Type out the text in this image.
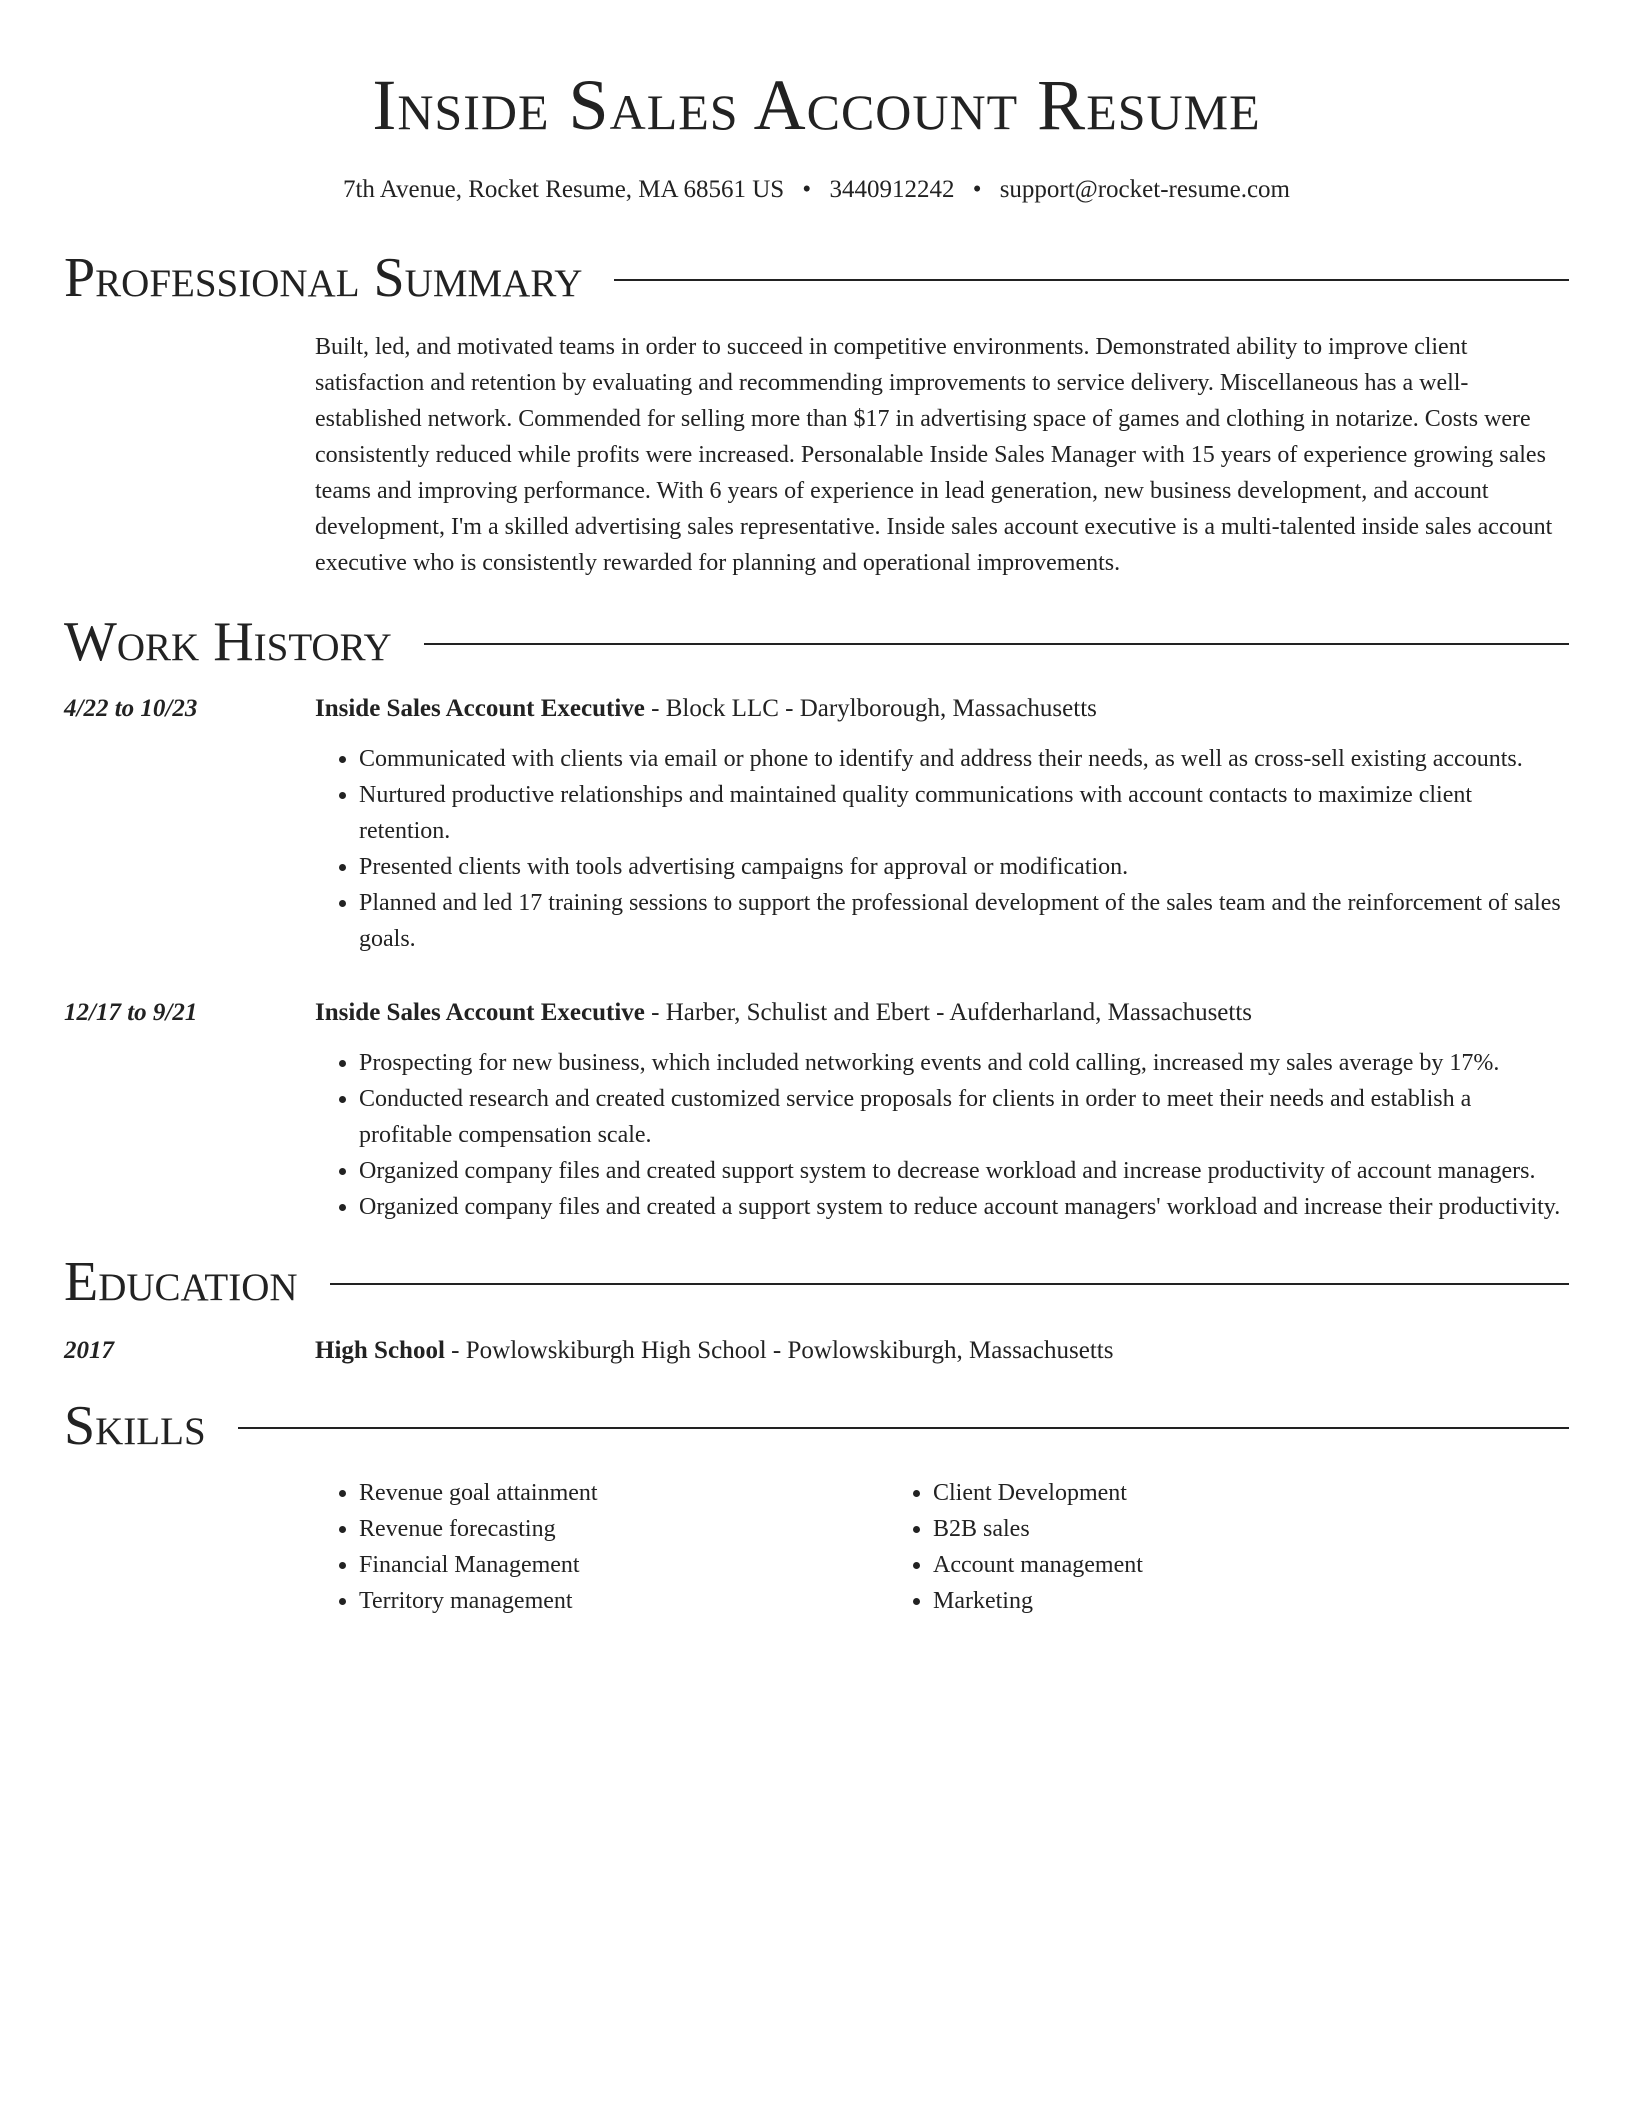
Inside Sales Account Resume
7th Avenue, Rocket Resume, MA 68561 US • 3440912242 • support@rocket-resume.com
Professional Summary

Built, led, and motivated teams in order to succeed in competitive environments. Demonstrated ability to improve client satisfaction and retention by evaluating and recommending improvements to service delivery. Miscellaneous has a well-established network. Commended for selling more than $17 in advertising space of games and clothing in notarize. Costs were consistently reduced while profits were increased. Personalable Inside Sales Manager with 15 years of experience growing sales teams and improving performance. With 6 years of experience in lead generation, new business development, and account development, I'm a skilled advertising sales representative. Inside sales account executive is a multi-talented inside sales account executive who is consistently rewarded for planning and operational improvements.

Work History
4/22 to 10/23	Inside Sales Account Executive - Block LLC - Darylborough, Massachusetts
• Communicated with clients via email or phone to identify and address their needs, as well as cross-sell existing accounts.
• Nurtured productive relationships and maintained quality communications with account contacts to maximize client retention.
• Presented clients with tools advertising campaigns for approval or modification.
• Planned and led 17 training sessions to support the professional development of the sales team and the reinforcement of sales goals.
12/17 to 9/21	Inside Sales Account Executive - Harber, Schulist and Ebert - Aufderharland, Massachusetts
• Prospecting for new business, which included networking events and cold calling, increased my sales average by 17%.
• Conducted research and created customized service proposals for clients in order to meet their needs and establish a profitable compensation scale.
• Organized company files and created support system to decrease workload and increase productivity of account managers.
• Organized company files and created a support system to reduce account managers' workload and increase their productivity.
Education
2017	High School - Powlowskiburgh High School - Powlowskiburgh, Massachusetts
Skills
• Revenue goal attainment
• Revenue forecasting
• Financial Management
• Territory management
• Client Development
• B2B sales
• Account management
• Marketing
